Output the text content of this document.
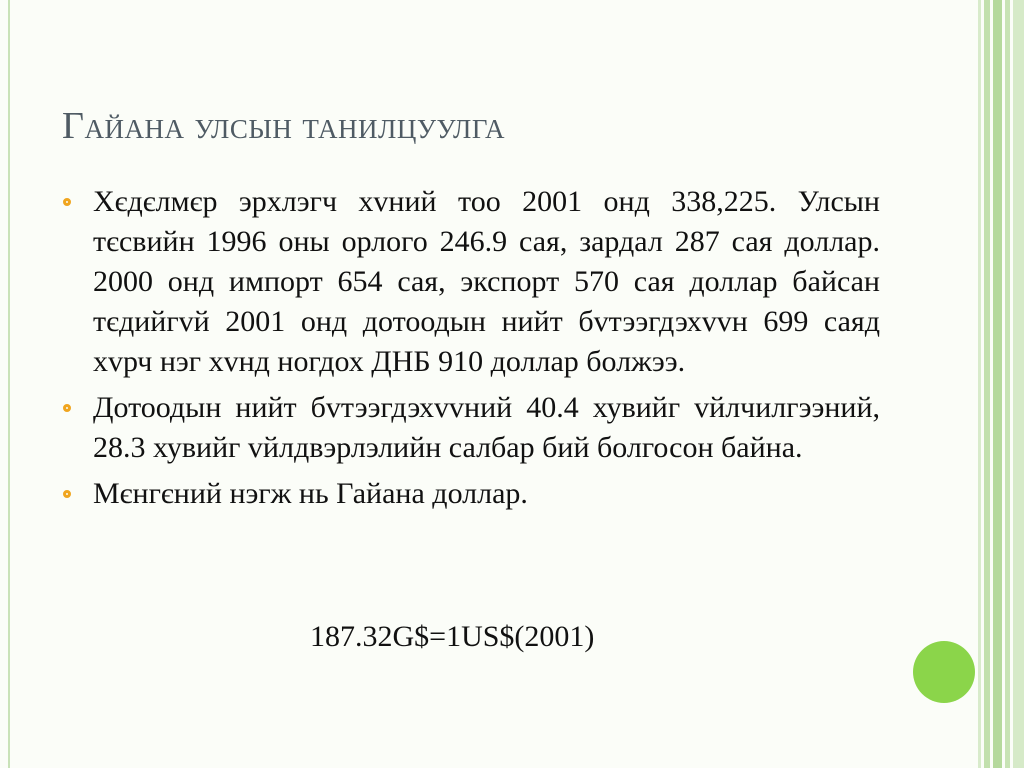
Гайана улсын танилцуулга
Хєдєлмєр эрхлэгч хvний тоо 2001 онд 338,225. Улсын тєсвийн 1996 оны орлого 246.9 сая, зардал 287 сая доллар. 2000 онд импорт 654 сая, экспорт 570 сая доллар байсан тєдийгvй 2001 онд дотоодын нийт бvтээгдэхvvн 699 саяд хvрч нэг хvнд ногдох ДНБ 910 доллар болжээ.
Дотоодын нийт бvтээгдэхvvний 40.4 хувийг vйлчилгээний, 28.3 хувийг vйлдвэрлэлийн салбар бий болгосон байна.
Мєнгєний нэгж нь Гайана доллар.
187.32G$=1US$(2001)
